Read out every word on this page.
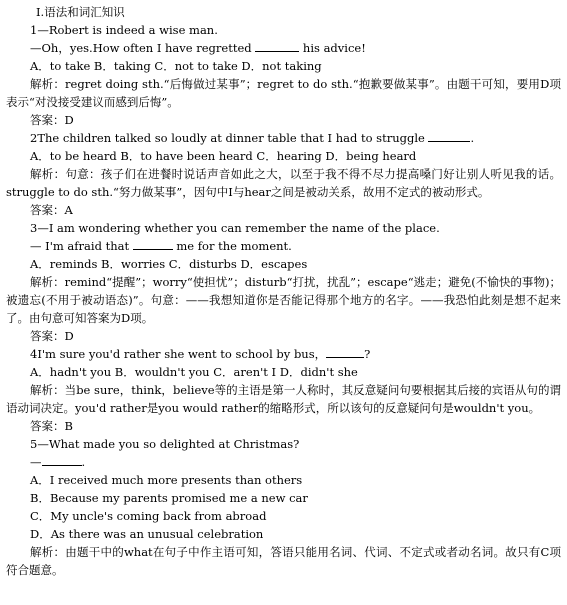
Ⅰ.语法和词汇知识
1—Robert is indeed a wise man.
—Oh，yes.How often I have regretted	his advice!
A．to take B．taking C．not to take D．not taking
解析：regret doing sth.“后悔做过某事”；regret to do sth.“抱歉要做某事”。由题干可知，要用D项表示“对没接受建议而感到后悔”。
答案：D
2The children talked so loudly at dinner table that I had to struggle	.
A．to be heard B．to have been heard C．hearing D．being heard
解析：句意：孩子们在进餐时说话声音如此之大，以至于我不得不尽力提高嗓门好让别人听见我的话。struggle to do sth.“努力做某事”，因句中I与hear之间是被动关系，故用不定式的被动形式。
答案：A
3—I am wondering whether you can remember the name of the place.
— I'm afraid that	me for the moment.
A．reminds B．worries C．disturbs D．escapes
解析：remind“提醒”；worry“使担忧”；disturb“打扰，扰乱”；escape“逃走；避免(不愉快的事物)；被遗忘(不用于被动语态)”。句意：——我想知道你是否能记得那个地方的名字。——我恐怕此刻是想不起来了。由句意可知答案为D项。
答案：D
4I'm sure you'd rather she went to school by bus，	?
A．hadn't you B．wouldn't you C．aren't I D．didn't she
解析：当be sure，think，believe等的主语是第一人称时，其反意疑问句要根据其后接的宾语从句的谓语动词决定。you'd rather是you would rather的缩略形式，所以该句的反意疑问句是wouldn't you。
答案：B
5—What made you so delighted at Christmas?
—	.
A．I received much more presents than others
B．Because my parents promised me a new car
C．My uncle's coming back from abroad
D．As there was an unusual celebration
解析：由题干中的what在句子中作主语可知，答语只能用名词、代词、不定式或者动名词。故只有C项符合题意。
